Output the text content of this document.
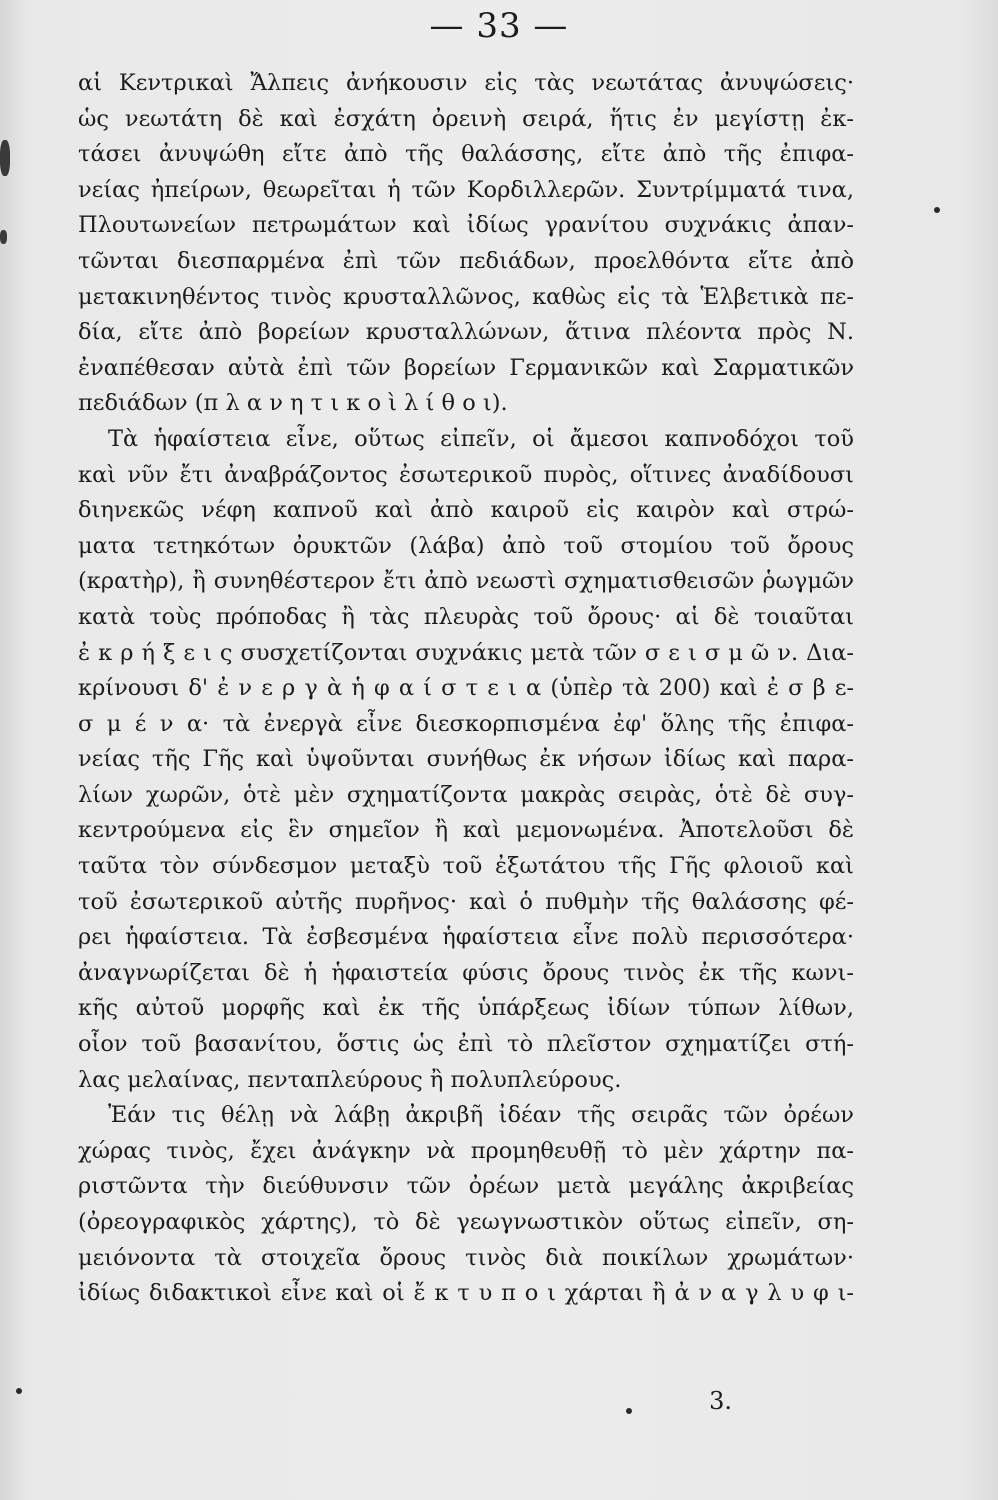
— 33 —
αἱ Κεντρικαὶ Ἄλπεις ἀνήκουσιν εἰς τὰς νεωτάτας ἀνυψώσεις·
ὡς νεωτάτη δὲ καὶ ἐσχάτη ὀρεινὴ σειρά, ἥτις ἐν μεγίστῃ ἐκ-
τάσει ἀνυψώθη εἴτε ἀπὸ τῆς θαλάσσης, εἴτε ἀπὸ τῆς ἐπιφα-
νείας ἠπείρων, θεωρεῖται ἡ τῶν Κορδιλλερῶν. Συντρίμματά τινα,
Πλουτωνείων πετρωμάτων καὶ ἰδίως γρανίτου συχνάκις ἀπαν-
τῶνται διεσπαρμένα ἐπὶ τῶν πεδιάδων, προελθόντα εἴτε ἀπὸ
μετακινηθέντος τινὸς κρυσταλλῶνος, καθὼς εἰς τὰ Ἑλβετικὰ πε-
δία, εἴτε ἀπὸ βορείων κρυσταλλώνων, ἅτινα πλέοντα πρὸς Ν.
ἐναπέθεσαν αὐτὰ ἐπὶ τῶν βορείων Γερμανικῶν καὶ Σαρματικῶν
πεδιάδων (π λ α ν η τ ι κ ο ὶ λ ί θ ο ι).
Τὰ ἡφαίστεια εἶνε, οὕτως εἰπεῖν, οἱ ἄμεσοι καπνοδόχοι τοῦ
καὶ νῦν ἔτι ἀναβράζοντος ἐσωτερικοῦ πυρὸς, οἵτινες ἀναδίδουσι
διηνεκῶς νέφη καπνοῦ καὶ ἀπὸ καιροῦ εἰς καιρὸν καὶ στρώ-
ματα τετηκότων ὀρυκτῶν (λάβα) ἀπὸ τοῦ στομίου τοῦ ὄρους
(κρατὴρ), ἢ συνηθέστερον ἔτι ἀπὸ νεωστὶ σχηματισθεισῶν ῥωγμῶν
κατὰ τοὺς πρόποδας ἢ τὰς πλευρὰς τοῦ ὄρους· αἱ δὲ τοιαῦται
ἐ κ ρ ή ξ ε ι ς συσχετίζονται συχνάκις μετὰ τῶν σ ε ι σ μ ῶ ν. Δια-
κρίνουσι δ' ἐ ν ε ρ γ ὰ ἡ φ α ί σ τ ε ι α (ὑπὲρ τὰ 200) καὶ ἐ σ β ε-
σ μ έ ν α· τὰ ἐνεργὰ εἶνε διεσκορπισμένα ἐφ' ὅλης τῆς ἐπιφα-
νείας τῆς Γῆς καὶ ὑψοῦνται συνήθως ἐκ νήσων ἰδίως καὶ παρα-
λίων χωρῶν, ὁτὲ μὲν σχηματίζοντα μακρὰς σειρὰς, ὁτὲ δὲ συγ-
κεντρούμενα εἰς ἓν σημεῖον ἢ καὶ μεμονωμένα. Ἀποτελοῦσι δὲ
ταῦτα τὸν σύνδεσμον μεταξὺ τοῦ ἐξωτάτου τῆς Γῆς φλοιοῦ καὶ
τοῦ ἐσωτερικοῦ αὐτῆς πυρῆνος· καὶ ὁ πυθμὴν τῆς θαλάσσης φέ-
ρει ἡφαίστεια. Τὰ ἐσβεσμένα ἡφαίστεια εἶνε πολὺ περισσότερα·
ἀναγνωρίζεται δὲ ἡ ἡφαιστεία φύσις ὄρους τινὸς ἐκ τῆς κωνι-
κῆς αὐτοῦ μορφῆς καὶ ἐκ τῆς ὑπάρξεως ἰδίων τύπων λίθων,
οἷον τοῦ βασανίτου, ὅστις ὡς ἐπὶ τὸ πλεῖστον σχηματίζει στή-
λας μελαίνας, πενταπλεύρους ἢ πολυπλεύρους.
Ἐάν τις θέλῃ νὰ λάβῃ ἀκριβῆ ἰδέαν τῆς σειρᾶς τῶν ὀρέων
χώρας τινὸς, ἔχει ἀνάγκην νὰ προμηθευθῇ τὸ μὲν χάρτην πα-
ριστῶντα τὴν διεύθυνσιν τῶν ὀρέων μετὰ μεγάλης ἀκριβείας
(ὀρεογραφικὸς χάρτης), τὸ δὲ γεωγνωστικὸν οὕτως εἰπεῖν, ση-
μειόνοντα τὰ στοιχεῖα ὄρους τινὸς διὰ ποικίλων χρωμάτων·
ἰδίως διδακτικοὶ εἶνε καὶ οἱ ἔ κ τ υ π ο ι χάρται ἢ ἀ ν α γ λ υ φ ι-
3.
